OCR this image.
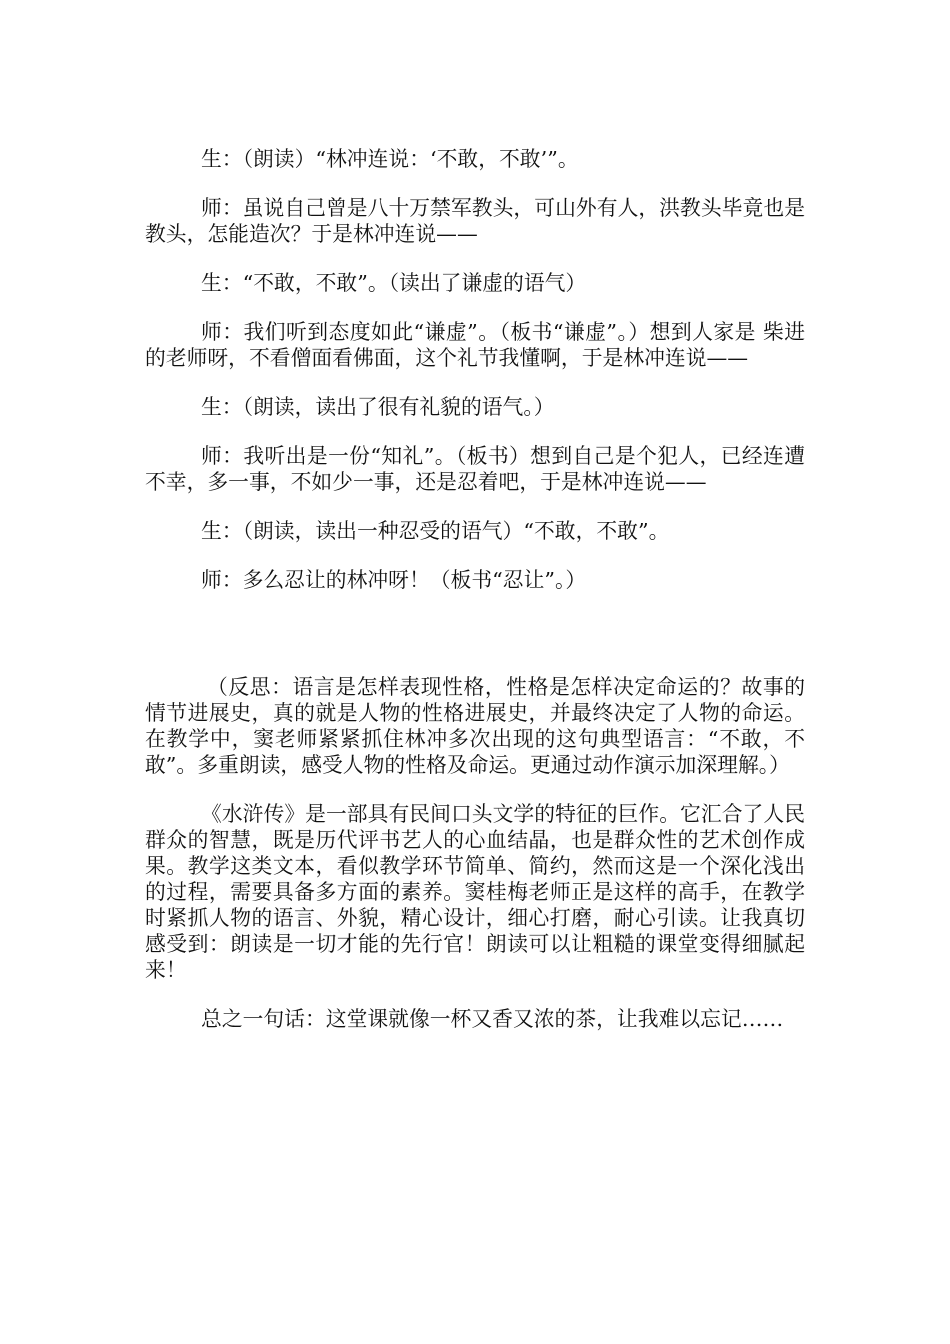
生：（朗读）“林冲连说：‘不敢，不敢’”。

师：虽说自己曾是八十万禁军教头，可山外有人，洪教头毕竟也是教头，怎能造次？于是林冲连说——

生：“不敢，不敢”。（读出了谦虚的语气）

师：我们听到态度如此“谦虚”。（板书“谦虚”。）想到人家是 柴进的老师呀，不看僧面看佛面，这个礼节我懂啊，于是林冲连说——

生：（朗读，读出了很有礼貌的语气。）

师：我听出是一份“知礼”。（板书）想到自己是个犯人，已经连遭不幸，多一事，不如少一事，还是忍着吧，于是林冲连说——

生：（朗读，读出一种忍受的语气）“不敢，不敢”。

师：多么忍让的林冲呀！（板书“忍让”。）

（反思：语言是怎样表现性格，性格是怎样决定命运的？故事的情节进展史，真的就是人物的性格进展史，并最终决定了人物的命运。在教学中，窦老师紧紧抓住林冲多次出现的这句典型语言：“不敢，不敢”。多重朗读，感受人物的性格及命运。更通过动作演示加深理解。）

《水浒传》是一部具有民间口头文学的特征的巨作。它汇合了人民群众的智慧，既是历代评书艺人的心血结晶，也是群众性的艺术创作成果。教学这类文本，看似教学环节简单、简约，然而这是一个深化浅出的过程，需要具备多方面的素养。窦桂梅老师正是这样的高手，在教学时紧抓人物的语言、外貌，精心设计，细心打磨，耐心引读。让我真切感受到：朗读是一切才能的先行官！朗读可以让粗糙的课堂变得细腻起来！

总之一句话：这堂课就像一杯又香又浓的茶，让我难以忘记……
